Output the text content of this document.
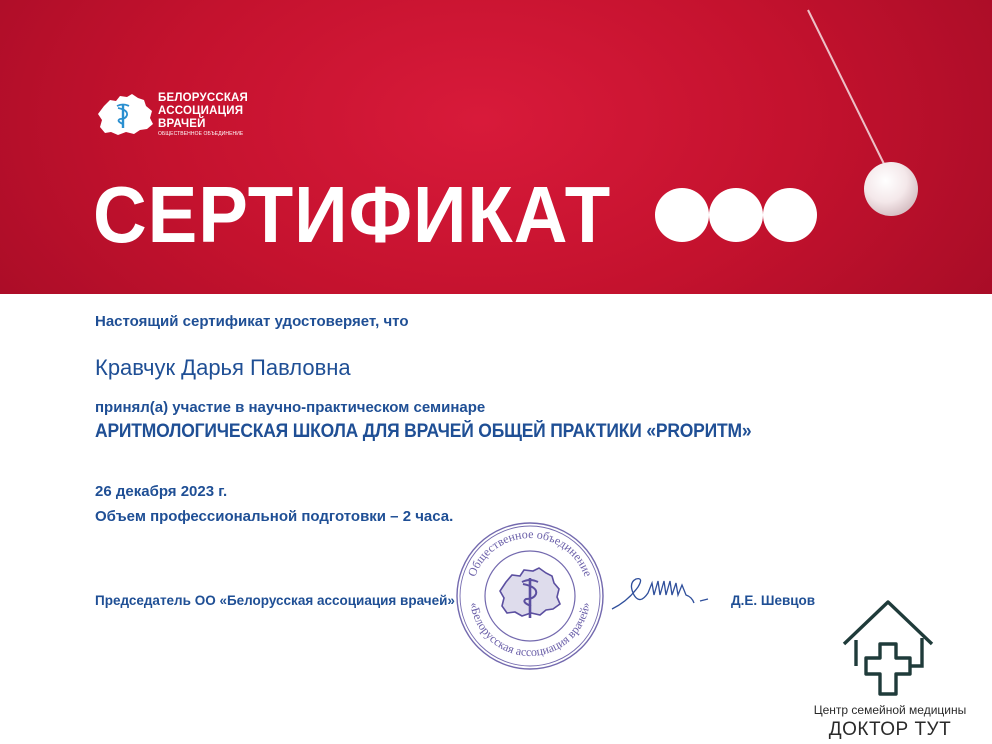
БЕЛОРУССКАЯ
АССОЦИАЦИЯ
ВРАЧЕЙ
ОБЩЕСТВЕННОЕ ОБЪЕДИНЕНИЕ
СЕРТИФИКАТ
Настоящий сертификат удостоверяет, что
Кравчук Дарья Павловна
принял(а) участие в научно-практическом семинаре
АРИТМОЛОГИЧЕСКАЯ ШКОЛА ДЛЯ ВРАЧЕЙ ОБЩЕЙ ПРАКТИКИ «PROРИТМ»
26 декабря 2023 г.
Объем профессиональной подготовки – 2 часа.
Председатель ОО «Белорусская ассоциация врачей»	Д.Е. Шевцов
Общественное объединение
«Белорусская ассоциация врачей»
Центр семейной медицины
ДОКТОР ТУТ
